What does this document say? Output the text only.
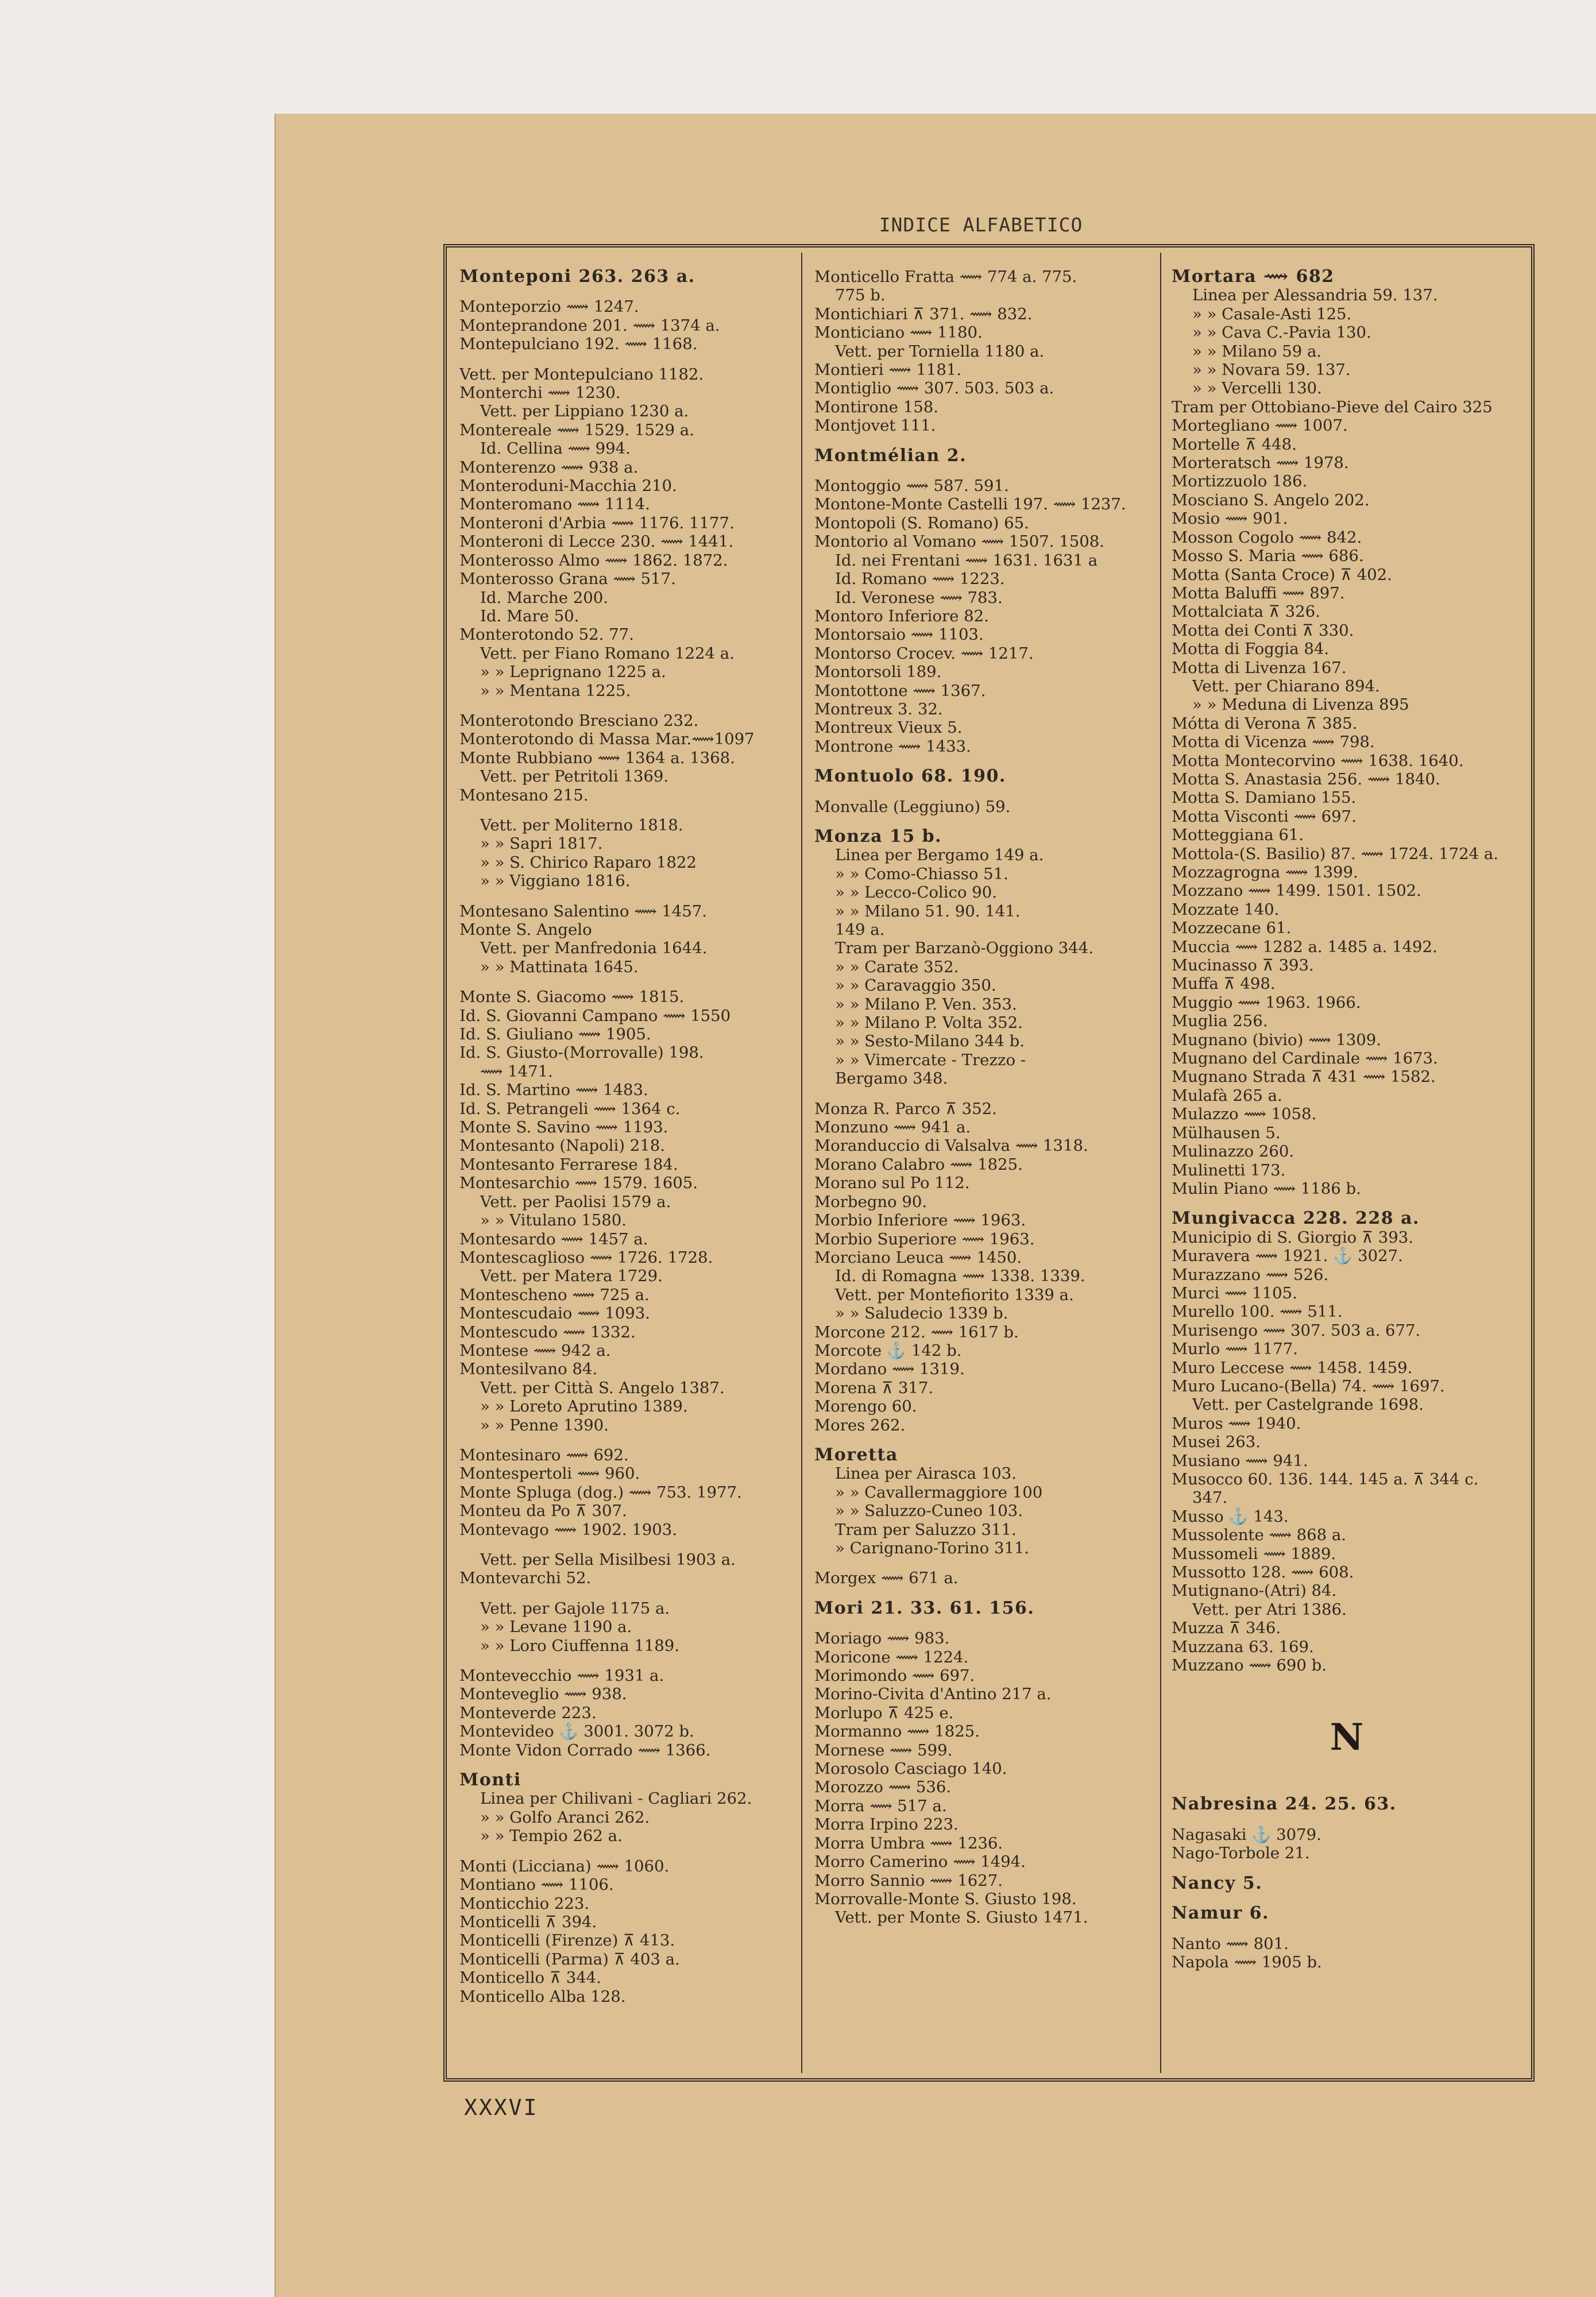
INDICE ALFABETICO
Monteponi 263. 263 a.
Monteporzio ⟿ 1247.
Monteprandone 201. ⟿ 1374 a.
Montepulciano 192. ⟿ 1168.
Vett. per Montepulciano 1182.
Monterchi ⟿ 1230.
Vett. per Lippiano 1230 a.
Montereale ⟿ 1529. 1529 a.
Id. Cellina ⟿ 994.
Monterenzo ⟿ 938 a.
Monteroduni-Macchia 210.
Monteromano ⟿ 1114.
Monteroni d'Arbia ⟿ 1176. 1177.
Monteroni di Lecce 230. ⟿ 1441.
Monterosso Almo ⟿ 1862. 1872.
Monterosso Grana ⟿ 517.
Id. Marche 200.
Id. Mare 50.
Monterotondo 52. 77.
Vett. per Fiano Romano 1224 a.
» » Leprignano 1225 a.
» » Mentana 1225.
Monterotondo Bresciano 232.
Monterotondo di Massa Mar.⟿1097
Monte Rubbiano ⟿ 1364 a. 1368.
Vett. per Petritoli 1369.
Montesano 215.
Vett. per Moliterno 1818.
» » Sapri 1817.
» » S. Chirico Raparo 1822
» » Viggiano 1816.
Montesano Salentino ⟿ 1457.
Monte S. Angelo
Vett. per Manfredonia 1644.
» » Mattinata 1645.
Monte S. Giacomo ⟿ 1815.
Id. S. Giovanni Campano ⟿ 1550
Id. S. Giuliano ⟿ 1905.
Id. S. Giusto-(Morrovalle) 198.
⟿ 1471.
Id. S. Martino ⟿ 1483.
Id. S. Petrangeli ⟿ 1364 c.
Monte S. Savino ⟿ 1193.
Montesanto (Napoli) 218.
Montesanto Ferrarese 184.
Montesarchio ⟿ 1579. 1605.
Vett. per Paolisi 1579 a.
» » Vitulano 1580.
Montesardo ⟿ 1457 a.
Montescaglioso ⟿ 1726. 1728.
Vett. per Matera 1729.
Montescheno ⟿ 725 a.
Montescudaio ⟿ 1093.
Montescudo ⟿ 1332.
Montese ⟿ 942 a.
Montesilvano 84.
Vett. per Città S. Angelo 1387.
» » Loreto Aprutino 1389.
» » Penne 1390.
Montesinaro ⟿ 692.
Montespertoli ⟿ 960.
Monte Spluga (dog.) ⟿ 753. 1977.
Monteu da Po ⊼ 307.
Montevago ⟿ 1902. 1903.
Vett. per Sella Misilbesi 1903 a.
Montevarchi 52.
Vett. per Gajole 1175 a.
» » Levane 1190 a.
» » Loro Ciuffenna 1189.
Montevecchio ⟿ 1931 a.
Monteveglio ⟿ 938.
Monteverde 223.
Montevideo ⚓ 3001. 3072 b.
Monte Vidon Corrado ⟿ 1366.
Monti
Linea per Chilivani - Cagliari 262.
» » Golfo Aranci 262.
» » Tempio 262 a.
Monti (Licciana) ⟿ 1060.
Montiano ⟿ 1106.
Monticchio 223.
Monticelli ⊼ 394.
Monticelli (Firenze) ⊼ 413.
Monticelli (Parma) ⊼ 403 a.
Monticello ⊼ 344.
Monticello Alba 128.
Monticello Fratta ⟿ 774 a. 775.
775 b.
Montichiari ⊼ 371. ⟿ 832.
Monticiano ⟿ 1180.
Vett. per Torniella 1180 a.
Montieri ⟿ 1181.
Montiglio ⟿ 307. 503. 503 a.
Montirone 158.
Montjovet 111.
Montmélian 2.
Montoggio ⟿ 587. 591.
Montone-Monte Castelli 197. ⟿ 1237.
Montopoli (S. Romano) 65.
Montorio al Vomano ⟿ 1507. 1508.
Id. nei Frentani ⟿ 1631. 1631 a
Id. Romano ⟿ 1223.
Id. Veronese ⟿ 783.
Montoro Inferiore 82.
Montorsaio ⟿ 1103.
Montorso Crocev. ⟿ 1217.
Montorsoli 189.
Montottone ⟿ 1367.
Montreux 3. 32.
Montreux Vieux 5.
Montrone ⟿ 1433.
Montuolo 68. 190.
Monvalle (Leggiuno) 59.
Monza 15 b.
Linea per Bergamo 149 a.
» » Como-Chiasso 51.
» » Lecco-Colico 90.
» » Milano 51. 90. 141.
149 a.
Tram per Barzanò-Oggiono 344.
» » Carate 352.
» » Caravaggio 350.
» » Milano P. Ven. 353.
» » Milano P. Volta 352.
» » Sesto-Milano 344 b.
» » Vimercate - Trezzo -
Bergamo 348.
Monza R. Parco ⊼ 352.
Monzuno ⟿ 941 a.
Moranduccio di Valsalva ⟿ 1318.
Morano Calabro ⟿ 1825.
Morano sul Po 112.
Morbegno 90.
Morbio Inferiore ⟿ 1963.
Morbio Superiore ⟿ 1963.
Morciano Leuca ⟿ 1450.
Id. di Romagna ⟿ 1338. 1339.
Vett. per Montefiorito 1339 a.
» » Saludecio 1339 b.
Morcone 212. ⟿ 1617 b.
Morcote ⚓ 142 b.
Mordano ⟿ 1319.
Morena ⊼ 317.
Morengo 60.
Mores 262.
Moretta
Linea per Airasca 103.
» » Cavallermaggiore 100
» » Saluzzo-Cuneo 103.
Tram per Saluzzo 311.
» Carignano-Torino 311.
Morgex ⟿ 671 a.
Mori 21. 33. 61. 156.
Moriago ⟿ 983.
Moricone ⟿ 1224.
Morimondo ⟿ 697.
Morino-Civita d'Antino 217 a.
Morlupo ⊼ 425 e.
Mormanno ⟿ 1825.
Mornese ⟿ 599.
Morosolo Casciago 140.
Morozzo ⟿ 536.
Morra ⟿ 517 a.
Morra Irpino 223.
Morra Umbra ⟿ 1236.
Morro Camerino ⟿ 1494.
Morro Sannio ⟿ 1627.
Morrovalle-Monte S. Giusto 198.
Vett. per Monte S. Giusto 1471.
Mortara ⟿ 682
Linea per Alessandria 59. 137.
» » Casale-Asti 125.
» » Cava C.-Pavia 130.
» » Milano 59 a.
» » Novara 59. 137.
» » Vercelli 130.
Tram per Ottobiano-Pieve del Cairo 325
Mortegliano ⟿ 1007.
Mortelle ⊼ 448.
Morteratsch ⟿ 1978.
Mortizzuolo 186.
Mosciano S. Angelo 202.
Mosio ⟿ 901.
Mosson Cogolo ⟿ 842.
Mosso S. Maria ⟿ 686.
Motta (Santa Croce) ⊼ 402.
Motta Baluffi ⟿ 897.
Mottalciata ⊼ 326.
Motta dei Conti ⊼ 330.
Motta di Foggia 84.
Motta di Livenza 167.
Vett. per Chiarano 894.
» » Meduna di Livenza 895
Mótta di Verona ⊼ 385.
Motta di Vicenza ⟿ 798.
Motta Montecorvino ⟿ 1638. 1640.
Motta S. Anastasia 256. ⟿ 1840.
Motta S. Damiano 155.
Motta Visconti ⟿ 697.
Motteggiana 61.
Mottola-(S. Basilio) 87. ⟿ 1724. 1724 a.
Mozzagrogna ⟿ 1399.
Mozzano ⟿ 1499. 1501. 1502.
Mozzate 140.
Mozzecane 61.
Muccia ⟿ 1282 a. 1485 a. 1492.
Mucinasso ⊼ 393.
Muffa ⊼ 498.
Muggio ⟿ 1963. 1966.
Muglia 256.
Mugnano (bivio) ⟿ 1309.
Mugnano del Cardinale ⟿ 1673.
Mugnano Strada ⊼ 431 ⟿ 1582.
Mulafà 265 a.
Mulazzo ⟿ 1058.
Mülhausen 5.
Mulinazzo 260.
Mulinetti 173.
Mulin Piano ⟿ 1186 b.
Mungivacca 228. 228 a.
Municipio di S. Giorgio ⊼ 393.
Muravera ⟿ 1921. ⚓ 3027.
Murazzano ⟿ 526.
Murci ⟿ 1105.
Murello 100. ⟿ 511.
Murisengo ⟿ 307. 503 a. 677.
Murlo ⟿ 1177.
Muro Leccese ⟿ 1458. 1459.
Muro Lucano-(Bella) 74. ⟿ 1697.
Vett. per Castelgrande 1698.
Muros ⟿ 1940.
Musei 263.
Musiano ⟿ 941.
Musocco 60. 136. 144. 145 a. ⊼ 344 c.
347.
Musso ⚓ 143.
Mussolente ⟿ 868 a.
Mussomeli ⟿ 1889.
Mussotto 128. ⟿ 608.
Mutignano-(Atri) 84.
Vett. per Atri 1386.
Muzza ⊼ 346.
Muzzana 63. 169.
Muzzano ⟿ 690 b.
N
Nabresina 24. 25. 63.
Nagasaki ⚓ 3079.
Nago-Torbole 21.
Nancy 5.
Namur 6.
Nanto ⟿ 801.
Napola ⟿ 1905 b.
XXXVI
